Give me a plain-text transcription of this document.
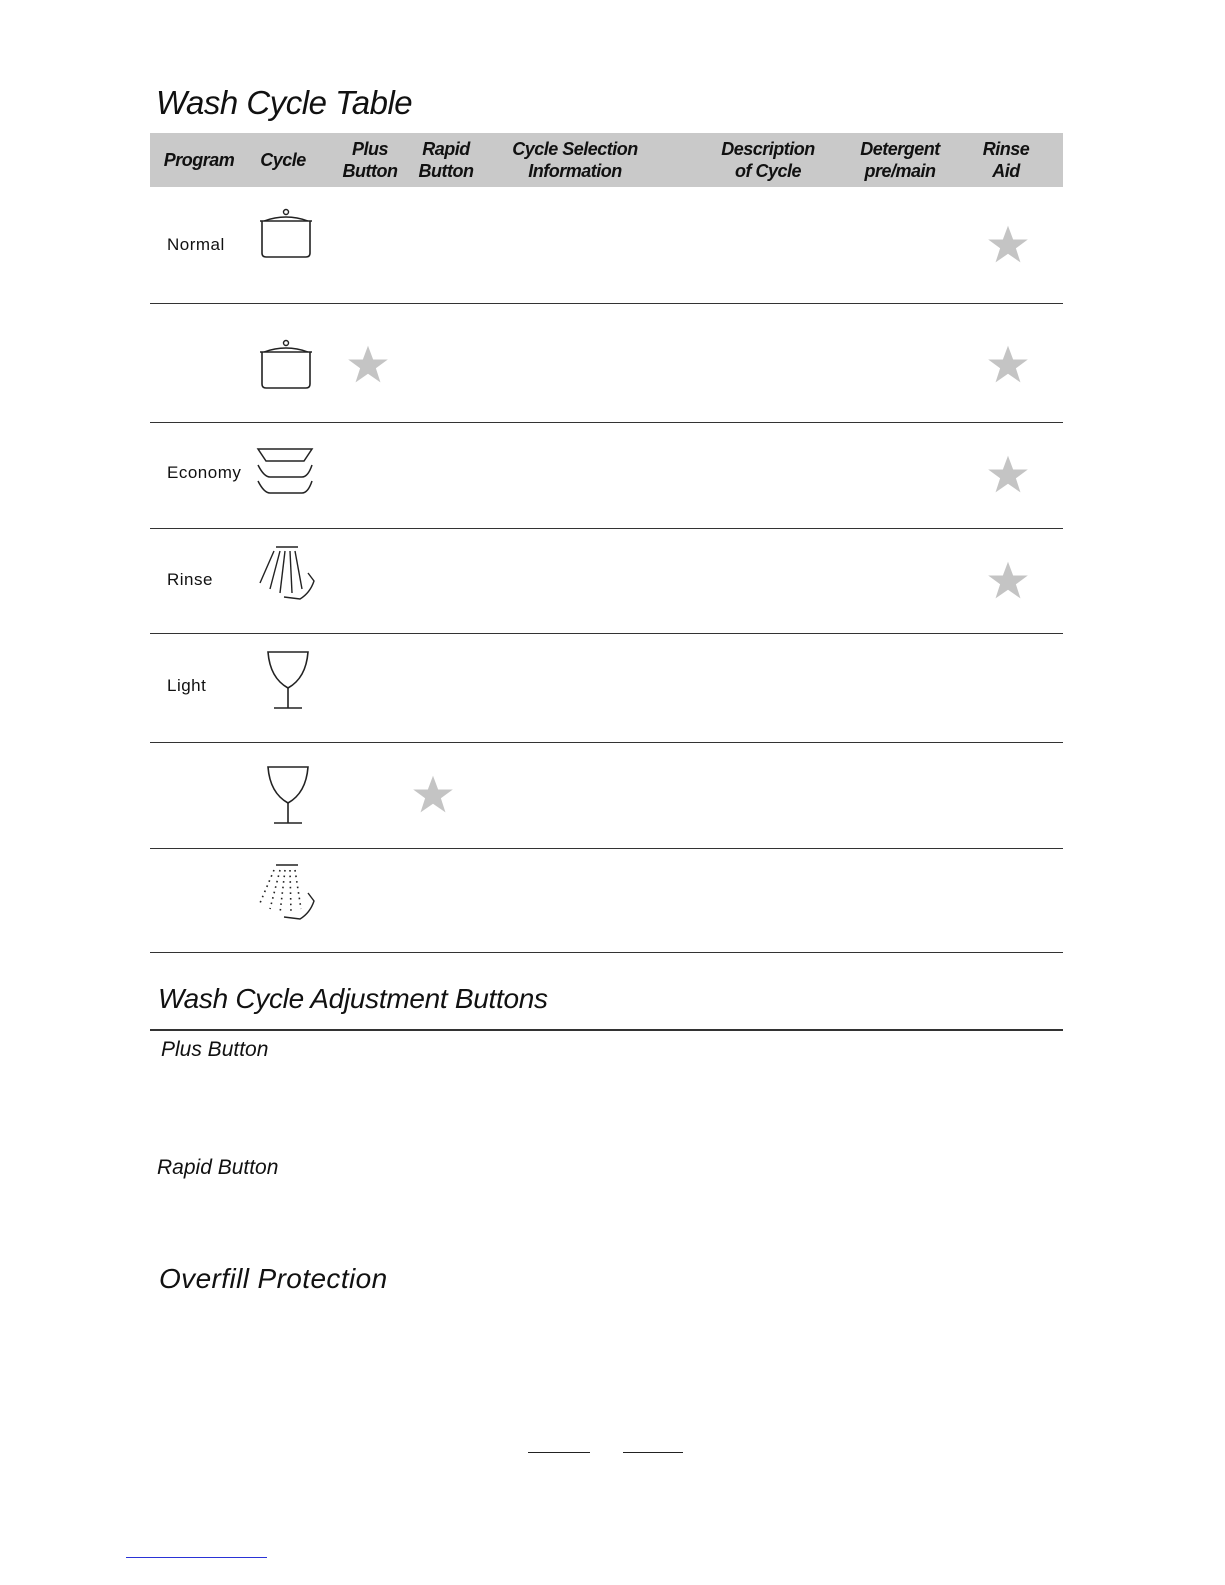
Wash Cycle Table
Program	Cycle
Plus
Button
Rapid
Button
Cycle Selection
Information
Description
of Cycle
Detergent
pre/main
Rinse
Aid
Normal
Economy
Rinse
Light
Wash Cycle Adjustment Buttons
Plus Button
Rapid Button
Overfill Protection
